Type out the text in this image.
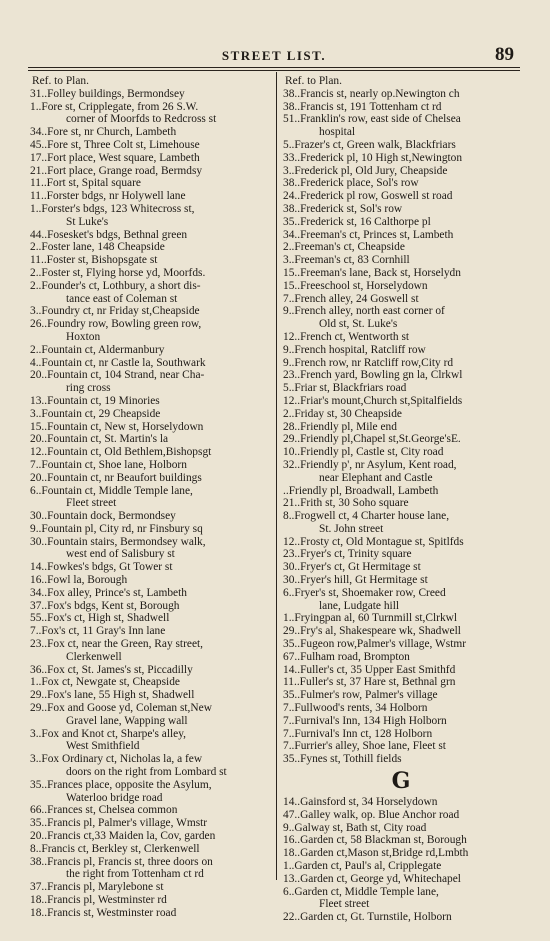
STREET LIST.	89
Ref. to Plan.
31..Folley buildings, Bermondsey
1..Fore st, Cripplegate, from 26 S.W.
corner of Moorfds to Redcross st
34..Fore st, nr Church, Lambeth
45..Fore st, Three Colt st, Limehouse
17..Fort place, West square, Lambeth
21..Fort place, Grange road, Bermdsy
11..Fort st, Spital square
11..Forster bdgs, nr Holywell lane
1..Forster's bdgs, 123 Whitecross st,
St Luke's
44..Fosesket's bdgs, Bethnal green
2..Foster lane, 148 Cheapside
11..Foster st, Bishopsgate st
2..Foster st, Flying horse yd, Moorfds.
2..Founder's ct, Lothbury, a short dis-
tance east of Coleman st
3..Foundry ct, nr Friday st,Cheapside
26..Foundry row, Bowling green row,
Hoxton
2..Fountain ct, Aldermanbury
4..Fountain ct, nr Castle la, Southwark
20..Fountain ct, 104 Strand, near Cha-
ring cross
13..Fountain ct, 19 Minories
3..Fountain ct, 29 Cheapside
15..Fountain ct, New st, Horselydown
20..Fountain ct, St. Martin's la
12..Fountain ct, Old Bethlem,Bishopsgt
7..Fountain ct, Shoe lane, Holborn
20..Fountain ct, nr Beaufort buildings
6..Fountain ct, Middle Temple lane,
Fleet street
30..Fountain dock, Bermondsey
9..Fountain pl, City rd, nr Finsbury sq
30..Fountain stairs, Bermondsey walk,
west end of Salisbury st
14..Fowkes's bdgs, Gt Tower st
16..Fowl la, Borough
34..Fox alley, Prince's st, Lambeth
37..Fox's bdgs, Kent st, Borough
55..Fox's ct, High st, Shadwell
7..Fox's ct, 11 Gray's Inn lane
23..Fox ct, near the Green, Ray street,
Clerkenwell
36..Fox ct, St. James's st, Piccadilly
1..Fox ct, Newgate st, Cheapside
29..Fox's lane, 55 High st, Shadwell
29..Fox and Goose yd, Coleman st,New
Gravel lane, Wapping wall
3..Fox and Knot ct, Sharpe's alley,
West Smithfield
3..Fox Ordinary ct, Nicholas la, a few
doors on the right from Lombard st
35..Frances place, opposite the Asylum,
Waterloo bridge road
66..Frances st, Chelsea common
35..Francis pl, Palmer's village, Wmstr
20..Francis ct,33 Maiden la, Cov, garden
8..Francis ct, Berkley st, Clerkenwell
38..Francis pl, Francis st, three doors on
the right from Tottenham ct rd
37..Francis pl, Marylebone st
18..Francis pl, Westminster rd
18..Francis st, Westminster road
Ref. to Plan.
38..Francis st, nearly op.Newington ch
38..Francis st, 191 Tottenham ct rd
51..Franklin's row, east side of Chelsea
hospital
5..Frazer's ct, Green walk, Blackfriars
33..Frederick pl, 10 High st,Newington
3..Frederick pl, Old Jury, Cheapside
38..Frederick place, Sol's row
24..Frederick pl row, Goswell st road
38..Frederick st, Sol's row
35..Frederick st, 16 Calthorpe pl
34..Freeman's ct, Princes st, Lambeth
2..Freeman's ct, Cheapside
3..Freeman's ct, 83 Cornhill
15..Freeman's lane, Back st, Horselydn
15..Freeschool st, Horselydown
7..French alley, 24 Goswell st
9..French alley, north east corner of
Old st, St. Luke's
12..French ct, Wentworth st
9..French hospital, Ratcliff row
9..French row, nr Ratcliff row,City rd
23..French yard, Bowling gn la, Clrkwl
5..Friar st, Blackfriars road
12..Friar's mount,Church st,Spitalfields
2..Friday st, 30 Cheapside
28..Friendly pl, Mile end
29..Friendly pl,Chapel st,St.George'sE.
10..Friendly pl, Castle st, City road
32..Friendly p', nr Asylum, Kent road,
near Elephant and Castle
..Friendly pl, Broadwall, Lambeth
21..Frith st, 30 Soho square
8..Frogwell ct, 4 Charter house lane,
St. John street
12..Frosty ct, Old Montague st, Spitlfds
23..Fryer's ct, Trinity square
30..Fryer's ct, Gt Hermitage st
30..Fryer's hill, Gt Hermitage st
6..Fryer's st, Shoemaker row, Creed
lane, Ludgate hill
1..Fryingpan al, 60 Turnmill st,Clrkwl
29..Fry's al, Shakespeare wk, Shadwell
35..Fugeon row,Palmer's village, Wstmr
67..Fulham road, Brompton
14..Fuller's ct, 35 Upper East Smithfd
11..Fuller's st, 37 Hare st, Bethnal grn
35..Fulmer's row, Palmer's village
7..Fullwood's rents, 34 Holborn
7..Furnival's Inn, 134 High Holborn
7..Furnival's Inn ct, 128 Holborn
7..Furrier's alley, Shoe lane, Fleet st
35..Fynes st, Tothill fields
G
14..Gainsford st, 34 Horselydown
47..Galley walk, op. Blue Anchor road
9..Galway st, Bath st, City road
16..Garden ct, 58 Blackman st, Borough
18..Garden ct,Mason st,Bridge rd,Lmbth
1..Garden ct, Paul's al, Cripplegate
13..Garden ct, George yd, Whitechapel
6..Garden ct, Middle Temple lane,
Fleet street
22..Garden ct, Gt. Turnstile, Holborn
